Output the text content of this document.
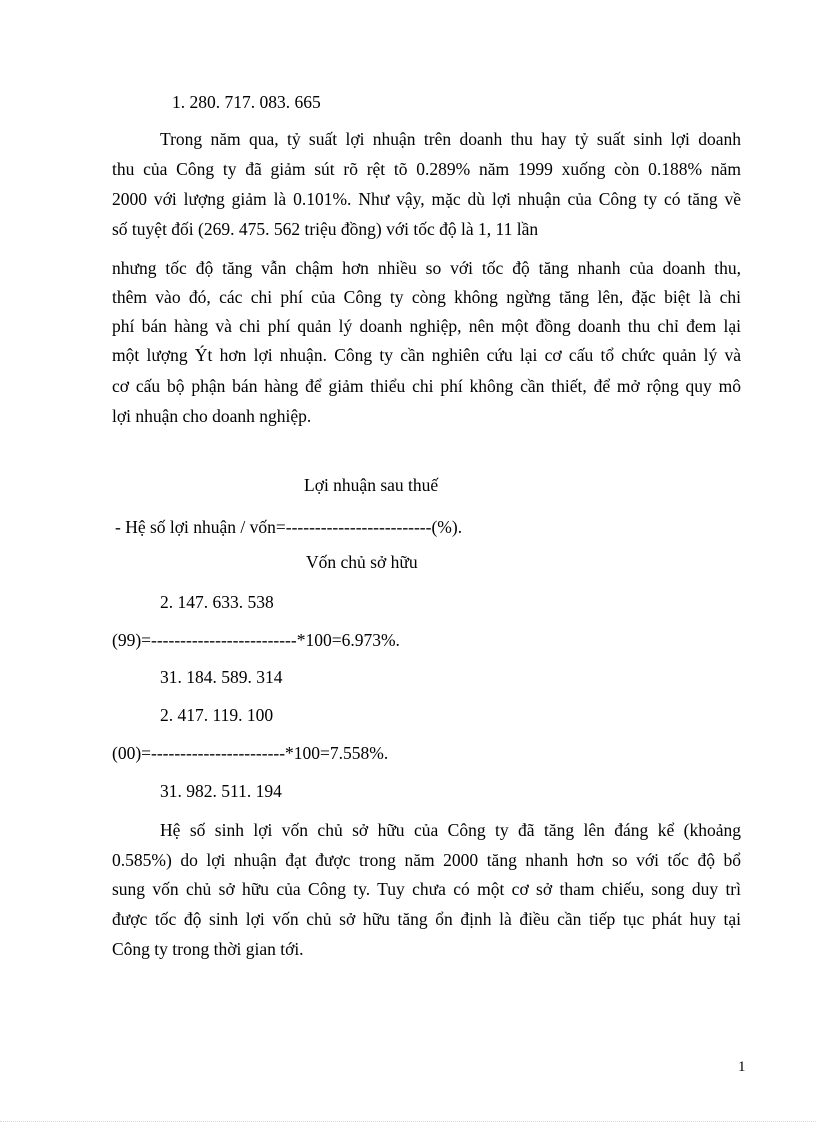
1. 280. 717. 083. 665
Trong năm qua, tỷ suất lợi nhuận trên doanh thu hay tỷ suất sinh lợi doanh
thu của Công ty đã giảm sút rõ rệt tõ 0.289% năm 1999 xuống còn 0.188% năm
2000 với lượng giảm là 0.101%. Như vậy, mặc dù lợi nhuận của Công ty có tăng về
số tuyệt đối (269. 475. 562 triệu đồng) với tốc độ là 1, 11 lần
nhưng tốc độ tăng vẫn chậm hơn nhiều so với tốc độ tăng nhanh của doanh thu,
thêm vào đó, các chi phí của Công ty còng không ngừng tăng lên, đặc biệt là chi
phí bán hàng và chi phí quản lý doanh nghiệp, nên một đồng doanh thu chỉ đem lại
một lượng Ýt hơn lợi nhuận. Công ty cần nghiên cứu lại cơ cấu tổ chức quản lý và
cơ cấu bộ phận bán hàng để giảm thiểu chi phí không cần thiết, để mở rộng quy mô
lợi nhuận cho doanh nghiệp.
Lợi nhuận sau thuế
- Hệ số lợi nhuận / vốn=-------------------------(%).
Vốn chủ sở hữu
2. 147. 633. 538
(99)=-------------------------*100=6.973%.
31. 184. 589. 314
2. 417. 119. 100
(00)=-----------------------*100=7.558%.
31. 982. 511. 194
Hệ số sinh lợi vốn chủ sở hữu của Công ty đã tăng lên đáng kể (khoảng
0.585%) do lợi nhuận đạt được trong năm 2000 tăng nhanh hơn so với tốc độ bổ
sung vốn chủ sở hữu của Công ty. Tuy chưa có một cơ sở tham chiếu, song duy trì
được tốc độ sinh lợi vốn chủ sở hữu tăng ổn định là điều cần tiếp tục phát huy tại
Công ty trong thời gian tới.
1
